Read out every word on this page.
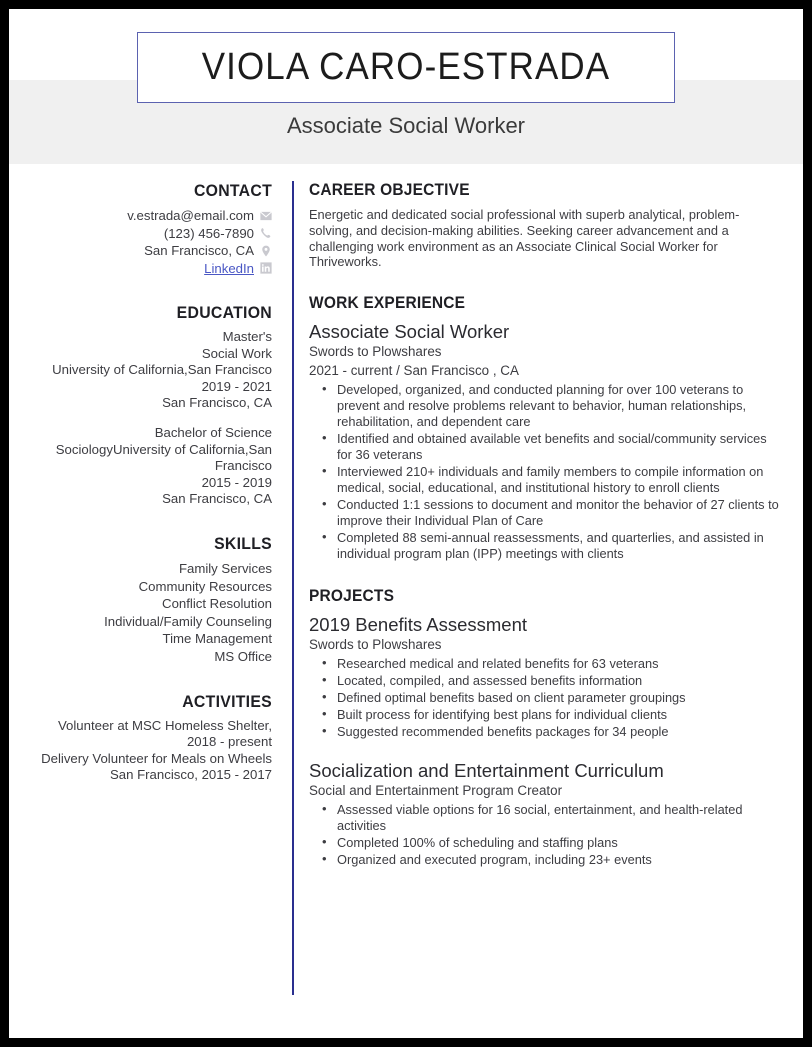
VIOLA CARO-ESTRADA
Associate Social Worker
CONTACT
v.estrada@email.com
(123) 456-7890
San Francisco, CA
LinkedIn
EDUCATION
Master's
Social Work
University of California,San Francisco
2019 - 2021
San Francisco, CA
Bachelor of Science
SociologyUniversity of California,San Francisco
2015 - 2019
San Francisco, CA
SKILLS
Family Services
Community Resources
Conflict Resolution
Individual/Family Counseling
Time Management
MS Office
ACTIVITIES
Volunteer at MSC Homeless Shelter, 2018 - present
Delivery Volunteer for Meals on Wheels San Francisco, 2015 - 2017
CAREER OBJECTIVE
Energetic and dedicated social professional with superb analytical, problem-solving, and decision-making abilities. Seeking career advancement and a challenging work environment as an Associate Clinical Social Worker for Thriveworks.
WORK EXPERIENCE
Associate Social Worker
Swords to Plowshares
2021 - current / San Francisco , CA
• Developed, organized, and conducted planning for over 100 veterans to prevent and resolve problems relevant to behavior, human relationships, rehabilitation, and dependent care
• Identified and obtained available vet benefits and social/community services for 36 veterans
• Interviewed 210+ individuals and family members to compile information on medical, social, educational, and institutional history to enroll clients
• Conducted 1:1 sessions to document and monitor the behavior of 27 clients to improve their Individual Plan of Care
• Completed 88 semi-annual reassessments, and quarterlies, and assisted in individual program plan (IPP) meetings with clients
PROJECTS
2019 Benefits Assessment
Swords to Plowshares
• Researched medical and related benefits for 63 veterans
• Located, compiled, and assessed benefits information
• Defined optimal benefits based on client parameter groupings
• Built process for identifying best plans for individual clients
• Suggested recommended benefits packages for 34 people
Socialization and Entertainment Curriculum
Social and Entertainment Program Creator
• Assessed viable options for 16 social, entertainment, and health-related activities
• Completed 100% of scheduling and staffing plans
• Organized and executed program, including 23+ events
